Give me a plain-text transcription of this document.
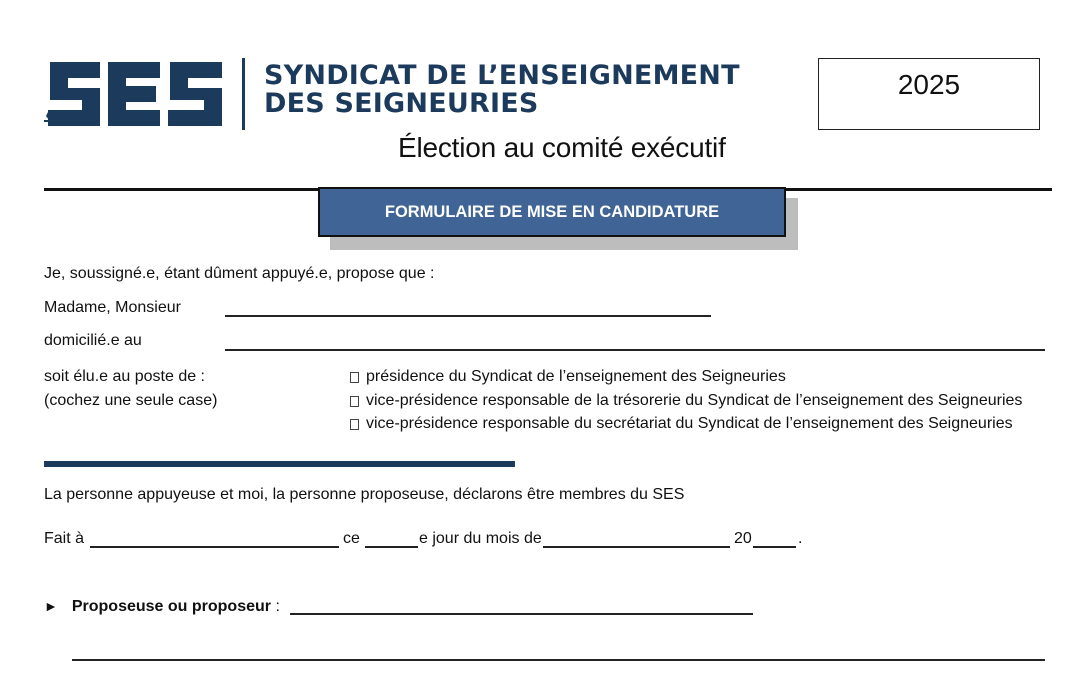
SYNDICAT DE L’ENSEIGNEMENT
DES SEIGNEURIES
Élection au comité exécutif
2025
FORMULAIRE DE MISE EN CANDIDATURE
Je, soussigné.e, étant dûment appuyé.e, propose que :
Madame, Monsieur
domicilié.e au
soit élu.e au poste de :
(cochez une seule case)
présidence du Syndicat de l’enseignement des Seigneuries
vice-présidence responsable de la trésorerie du Syndicat de l’enseignement des Seigneuries
vice-présidence responsable du secrétariat du Syndicat de l’enseignement des Seigneuries
La personne appuyeuse et moi, la personne proposeuse, déclarons être membres du SES
Fait à	ce	e jour du mois de	20	.
► Proposeuse ou proposeur :
